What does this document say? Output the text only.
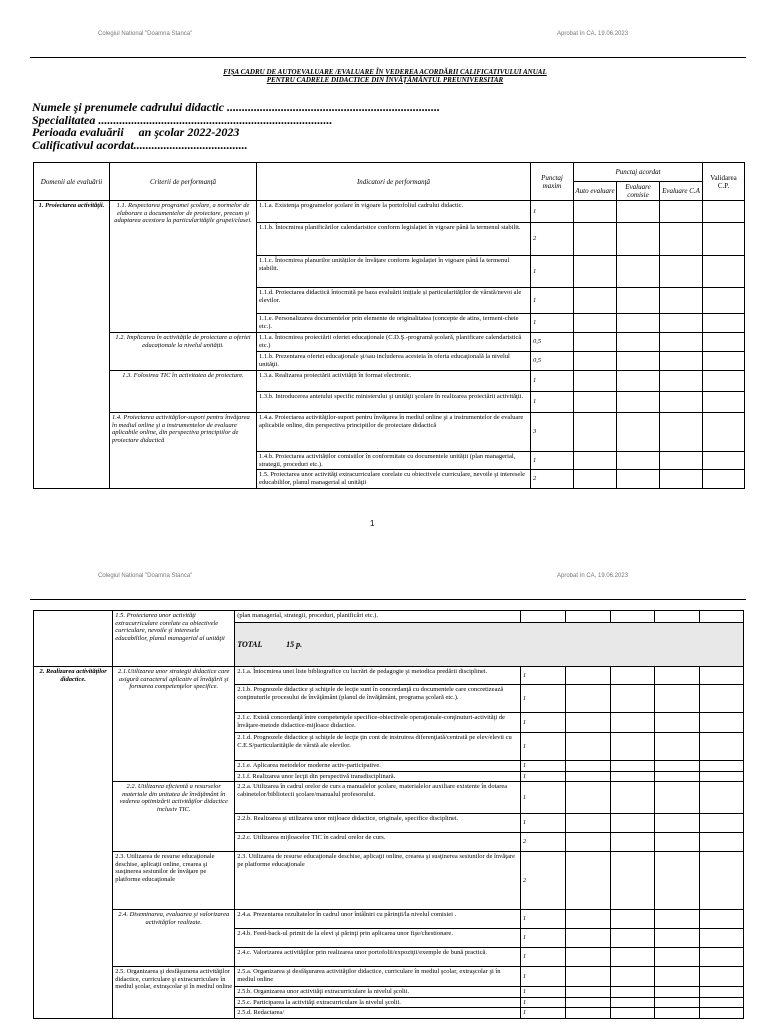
Colegiul National "Doamna Stanca"	Aprobat în CA, 19.06.2023
FIȘA CADRU DE AUTOEVALUARE /EVALUARE ÎN VEDEREA ACORDĂRII CALIFICATIVULUI ANUAL
PENTRU CADRELE DIDACTICE DIN ÎNVĂȚĂMÂNTUL PREUNIVERSITAR
Numele şi prenumele cadrului didactic .......................................................................
Specialitatea ..............................................................................
Perioada evaluării an şcolar 2022-2023
Calificativul acordat......................................
Domenii ale evaluării	Criterii de performanță	Indicatori de performanţă	Punctaj maxim	Punctaj acordat			Validarea C.P.
				Auto evaluare	Evaluare comisie	Evaluare C.A	
1. Proiectarea activităţii.	1.1. Respectarea programei şcolare, a normelor de elaborare a documentelor de proiectare, precum şi adaptarea acestora la particularităţile grupei/clasei.	1.1.a. Existenţa programelor şcolare în vigoare la portofoliul cadrului didactic.	1				
		1.1.b. Întocmirea planificărilor calendaristice conform legislației în vigoare până la termenul stabilit.	2				
		1.1.c. Întocmirea planurilor unităților de învățare conform legislației în vigoare până la termenul stabilit.	1				
		1.1.d. Proiectarea didactică întocmită pe baza evaluării inițiale și particularităților de vârstă/nevoi ale elevilor.	1				
		1.1.e. Personalizarea documentelor prin elemente de originalitatea (concepte de atins, termeni-cheie etc.).	1				
	1.2. Implicarea în activitățile de proiectare a ofertei educaționale la nivelul unității.	1.1.a. Întocmirea proiectării ofertei educaţionale (C.D.Ş.-programă şcolară, planificare calendaristică etc.)	0,5				
		1.1.b. Prezentarea ofertei educaţionale şi/sau includerea acesteia în oferta educaţională la nivelul unităţii.	0,5				
	1.3. Folosirea TIC în activitatea de proiectare.	1.3.a. Realizarea proiectării activității în format electronic.	1				
		1.3.b. Introducerea antetului specific ministerului şi unităţii şcolare în realizarea proiectării activităţii.	1				
	1.4. Proiectarea activităţilor-suport pentru învăţarea în mediul online şi a instrumentelor de evaluare aplicabile online, din perspectiva principiilor de proiectare didactică	1.4.a. Proiectarea activităţilor-suport pentru învăţarea în mediul online şi a instrumentelor de evaluare aplicabile online, din perspectiva principiilor de proiectare didactică	3				
		1.4.b. Proiectarea activităților comisiilor în conformitate cu documentele unității (plan managerial, strategii, proceduri etc.).	1				
		1.5. Proiectarea unor activităţi extracurriculare corelate cu obiectivele curriculare, nevoile şi interesele educabililor, planul managerial al unităţii	2				
1
Colegiul National "Doamna Stanca"	Aprobat în CA, 19.06.2023
	1.5. Proiectarea unor activităţi extracurriculare corelate cu obiectivele curriculare, nevoile şi interesele educabililor, planul managerial al unităţii	(plan managerial, strategii, proceduri, planificări etc.).					
		TOTAL 15 p.					
2. Realizarea activităţilor didactice.	2.1.Utilizarea unor strategii didactice care asigură caracterul aplicativ al învăţării şi formarea competenţelor specifice.	2.1.a. Întocmirea unei liste bibliografice cu lucrări de pedagogie şi metodica predării disciplinei.	1				
		2.1.b. Prognozele didactice şi schiţele de lecţie sunt în concordanţă cu documentele care concretizează conţinuturile procesului de învăţământ (planul de învăţământ, programa şcolară etc.).	1				
		2.1.c. Există concordanţă între competenţele specifice-obiectivele operaţionale-conţinuturi-activităţi de învăţare-metode didactice-mijloace didactice.	1				
		2.1.d. Prognozele didactice şi schiţele de lecţie ţin cont de instruirea diferenţiată/centrată pe elev/elevii cu C.E.S/particularităţile de vârstă ale elevilor.	1				
		2.1.e. Aplicarea metodelor moderne activ-participative.	1				
		2.1.f. Realizarea unor lecţii din perspectivă transdisciplinară.	1				
	2.2. Utilizarea eficientă a resurselor materiale din unitatea de învăţământ în vederea optimizării activităţilor didactice inclusiv TIC.	2.2.a. Utilizarea în cadrul orelor de curs a manualelor şcolare, materialelor auxiliare existente în dotarea cabinetelor/bibliotecii şcolare/manualul profesorului.	1				
		2.2.b. Realizarea şi utilizarea unor mijloace didactice, originale, specifice disciplinei.	1				
		2.2.c. Utilizarea mijloacelor TIC în cadrul orelor de curs.	2				
	2.3. Utilizarea de resurse educaţionale deschise, aplicaţii online, crearea şi susţinerea sesiunilor de învăţare pe platforme educaţionale	2.3. Utilizarea de resurse educaţionale deschise, aplicaţii online, crearea şi susţinerea sesiunilor de învăţare pe platforme educaţionale	2				
	2.4. Diseminarea, evaluarea şi valorizarea activităţilor realizate.	2.4.a. Prezentarea rezultatelor în cadrul unor întâlniri cu părinţii/la nivelul comisiei .	1				
		2.4.b. Feed-back-ul primit de la elevi şi părinţi prin aplicarea unor fişe/chestionare.	1				
		2.4.c. Valorizarea activităţilor prin realizarea unor portofolii/expoziţii/exemple de bună practică.	1				
	2.5. Organizarea şi desfăşurarea activităţilor didactice, curriculare şi extracurriculare în mediul şcolar, extraşcolar şi în mediul online	2.5.a. Organizarea şi desfăşurarea activităţilor didactice, curriculare în mediul şcolar, extraşcolar şi în mediul online	1				
		2.5.b. Organizarea unor activităţi extracurriculare la nivelul şcolii.	1				
		2.5.c. Participarea la activităţi extracurriculare la nivelul şcolii.	1				
		2.5.d. Redactarea/	1				
